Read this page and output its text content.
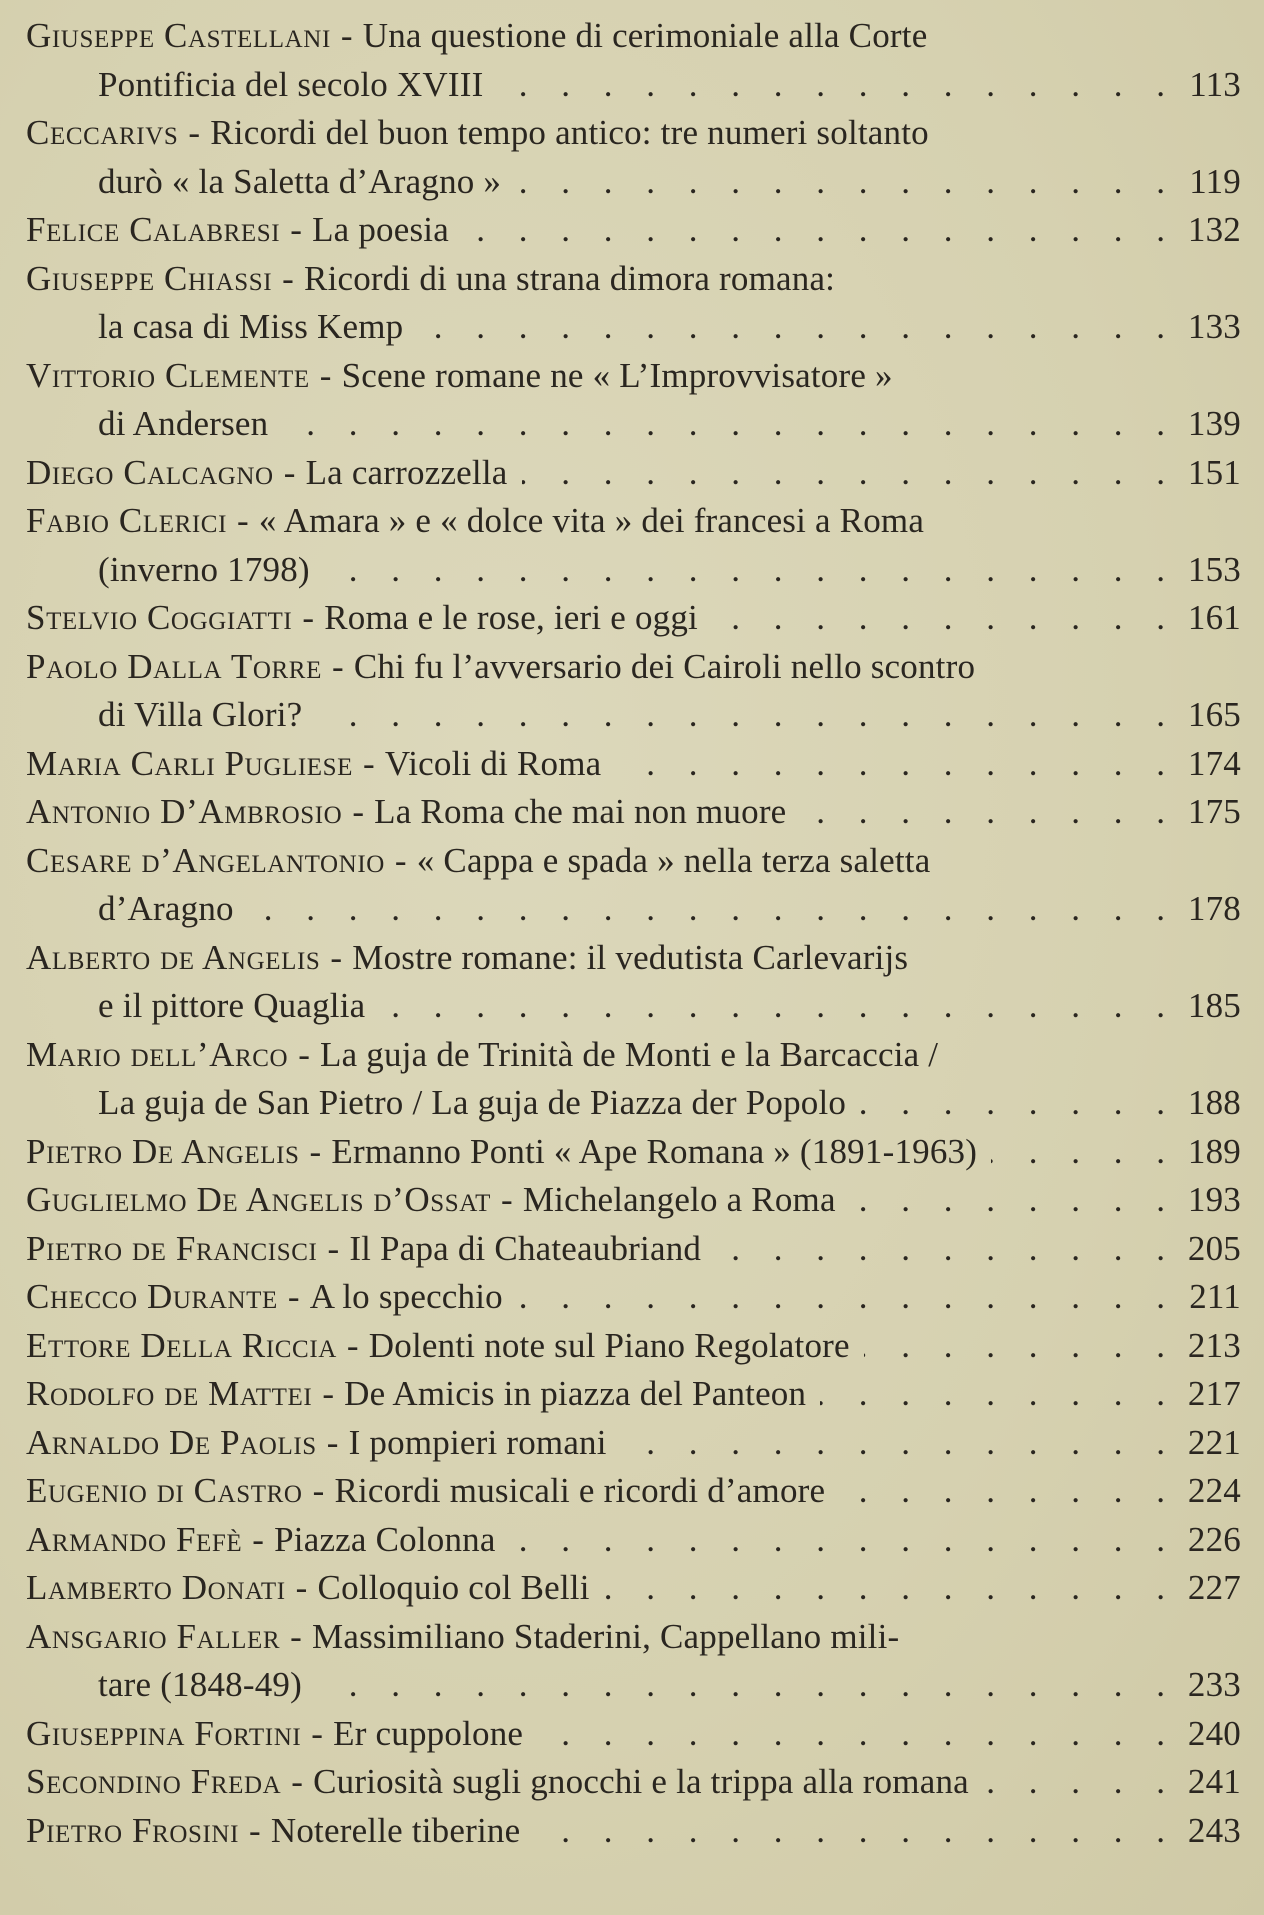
Giuseppe Castellani - Una questione di cerimoniale alla Corte
Pontificia del secolo XVIII . . .	113
Ceccarivs - Ricordi del buon tempo antico: tre numeri soltanto
durò « la Saletta d’Aragno » . . .	119
Felice Calabresi - La poesia . . .	132
Giuseppe Chiassi - Ricordi di una strana dimora romana:
la casa di Miss Kemp . . .	133
Vittorio Clemente - Scene romane ne « L’Improvvisatore »
di Andersen . . .	139
Diego Calcagno - La carrozzella . . .	151
Fabio Clerici - « Amara » e « dolce vita » dei francesi a Roma
(inverno 1798) . . .	153
Stelvio Coggiatti - Roma e le rose, ieri e oggi . . .	161
Paolo Dalla Torre - Chi fu l’avversario dei Cairoli nello scontro
di Villa Glori? . . .	165
Maria Carli Pugliese - Vicoli di Roma . . .	174
Antonio D’Ambrosio - La Roma che mai non muore . . .	175
Cesare d’Angelantonio - « Cappa e spada » nella terza saletta
d’Aragno . . .	178
Alberto de Angelis - Mostre romane: il vedutista Carlevarijs
e il pittore Quaglia . . .	185
Mario dell’Arco - La guja de Trinità de Monti e la Barcaccia /
La guja de San Pietro / La guja de Piazza der Popolo . . .	188
Pietro De Angelis - Ermanno Ponti « Ape Romana » (1891-1963) . . .	189
Guglielmo De Angelis d’Ossat - Michelangelo a Roma . . .	193
Pietro de Francisci - Il Papa di Chateaubriand . . .	205
Checco Durante - A lo specchio . . .	211
Ettore Della Riccia - Dolenti note sul Piano Regolatore . . .	213
Rodolfo de Mattei - De Amicis in piazza del Panteon . . .	217
Arnaldo De Paolis - I pompieri romani . . .	221
Eugenio di Castro - Ricordi musicali e ricordi d’amore . . .	224
Armando Fefè - Piazza Colonna . . .	226
Lamberto Donati - Colloquio col Belli . . .	227
Ansgario Faller - Massimiliano Staderini, Cappellano mili-
tare (1848-49) . . .	233
Giuseppina Fortini - Er cuppolone . . .	240
Secondino Freda - Curiosità sugli gnocchi e la trippa alla romana . . .	241
Pietro Frosini - Noterelle tiberine . . .	243
